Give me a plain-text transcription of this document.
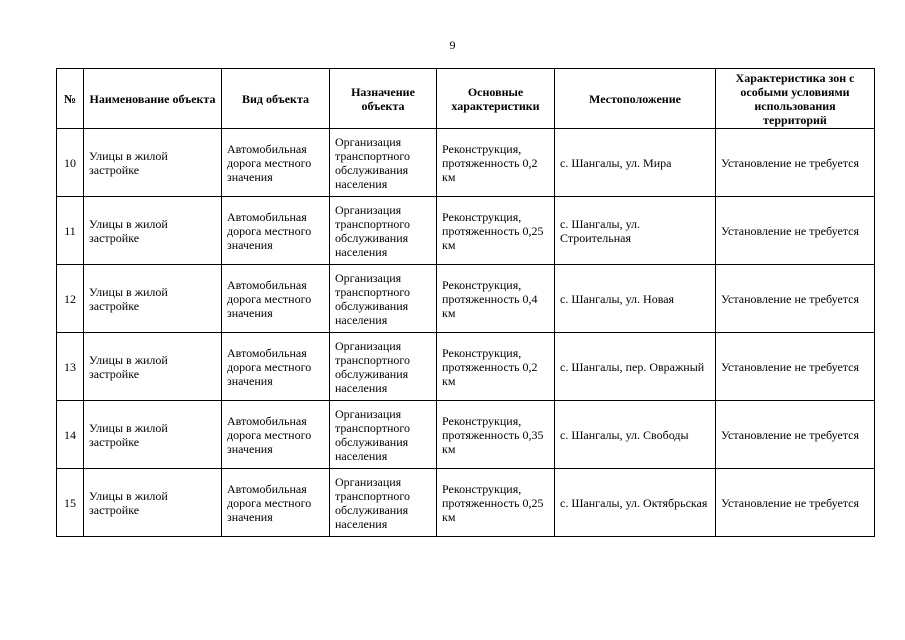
9
№	Наименование объекта	Вид объекта	Назначение объекта	Основные характеристики	Местоположение	Характеристика зон с особыми условиями использования территорий
10	Улицы в жилой застройке	Автомобильная дорога местного значения	Организация транспортного обслуживания населения	Реконструкция, протяженность 0,2 км	с. Шангалы, ул. Мира	Установление не требуется
11	Улицы в жилой застройке	Автомобильная дорога местного значения	Организация транспортного обслуживания населения	Реконструкция, протяженность 0,25 км	с. Шангалы, ул. Строительная	Установление не требуется
12	Улицы в жилой застройке	Автомобильная дорога местного значения	Организация транспортного обслуживания населения	Реконструкция, протяженность 0,4 км	с. Шангалы, ул. Новая	Установление не требуется
13	Улицы в жилой застройке	Автомобильная дорога местного значения	Организация транспортного обслуживания населения	Реконструкция, протяженность 0,2 км	с. Шангалы, пер. Овражный	Установление не требуется
14	Улицы в жилой застройке	Автомобильная дорога местного значения	Организация транспортного обслуживания населения	Реконструкция, протяженность 0,35 км	с. Шангалы, ул. Свободы	Установление не требуется
15	Улицы в жилой застройке	Автомобильная дорога местного значения	Организация транспортного обслуживания населения	Реконструкция, протяженность 0,25 км	с. Шангалы, ул. Октябрьская	Установление не требуется
